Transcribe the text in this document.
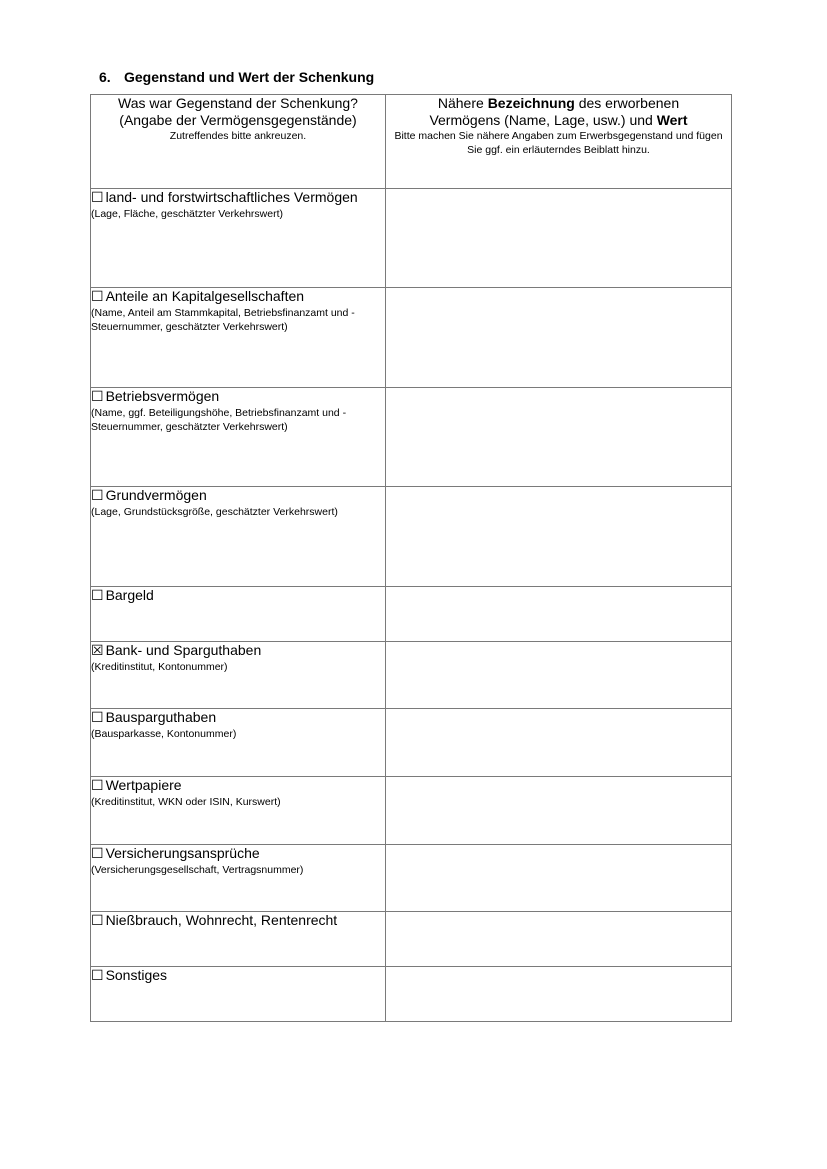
6. Gegenstand und Wert der Schenkung
Was war Gegenstand der Schenkung?
(Angabe der Vermögensgegenstände)
Zutreffendes bitte ankreuzen.	Nähere Bezeichnung des erworbenen
Vermögens (Name, Lage, usw.) und Wert
Bitte machen Sie nähere Angaben zum Erwerbsgegenstand und fügen Sie ggf. ein erläuterndes Beiblatt hinzu.

☐ land- und forstwirtschaftliches Vermögen
(Lage, Fläche, geschätzter Verkehrswert)	

☐ Anteile an Kapitalgesellschaften
(Name, Anteil am Stammkapital, Betriebsfinanzamt und -Steuernummer, geschätzter Verkehrswert)	

☐ Betriebsvermögen
(Name, ggf. Beteiligungshöhe, Betriebsfinanzamt und -Steuernummer, geschätzter Verkehrswert)	

☐ Grundvermögen
(Lage, Grundstücksgröße, geschätzter Verkehrswert)	

☐ Bargeld	

☒ Bank- und Sparguthaben
(Kreditinstitut, Kontonummer)	

☐ Bausparguthaben
(Bausparkasse, Kontonummer)	

☐ Wertpapiere
(Kreditinstitut, WKN oder ISIN, Kurswert)	

☐ Versicherungsansprüche
(Versicherungsgesellschaft, Vertragsnummer)	

☐ Nießbrauch, Wohnrecht, Rentenrecht	

☐ Sonstiges	
